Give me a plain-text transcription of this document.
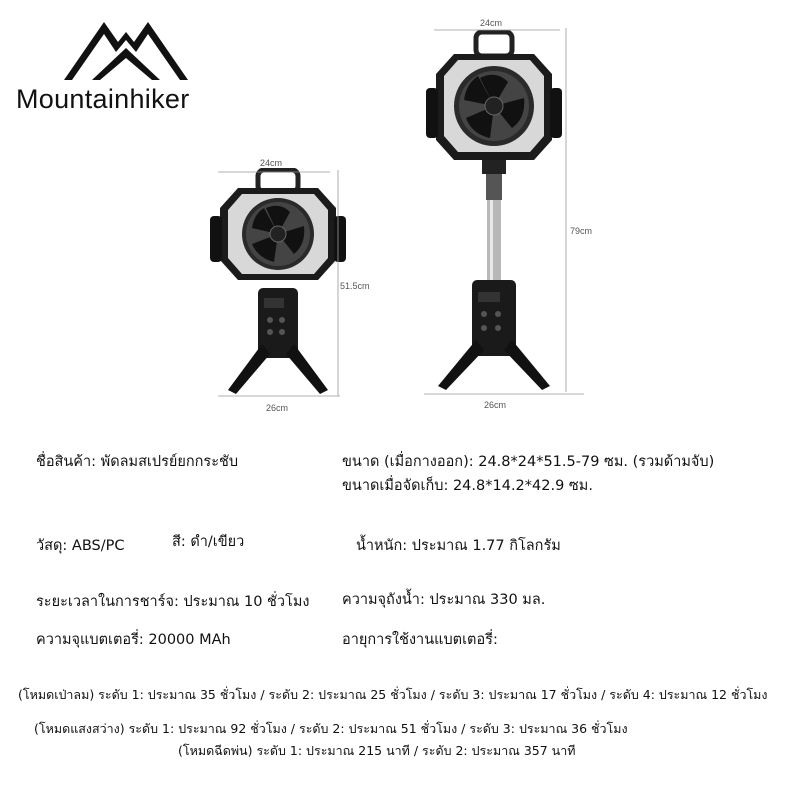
Mountainhiker
24cm
51.5cm
26cm
24cm
79cm
26cm
ชื่อสินค้า: พัดลมสเปรย์ยกกระชับ	ขนาด (เมื่อกางออก): 24.8*24*51.5-79 ซม. (รวมด้ามจับ)
ขนาดเมื่อจัดเก็บ: 24.8*14.2*42.9 ซม.
วัสดุ: ABS/PC	สี: ดำ/เขียว	น้ำหนัก: ประมาณ 1.77 กิโลกรัม
ระยะเวลาในการชาร์จ: ประมาณ 10 ชั่วโมง ความจุถังน้ำ: ประมาณ 330 มล.
ความจุแบตเตอรี่: 20000 MAh	อายุการใช้งานแบตเตอรี่:
(โหมดเป่าลม) ระดับ 1: ประมาณ 35 ชั่วโมง / ระดับ 2: ประมาณ 25 ชั่วโมง / ระดับ 3: ประมาณ 17 ชั่วโมง / ระดับ 4: ประมาณ 12 ชั่วโมง
(โหมดแสงสว่าง) ระดับ 1: ประมาณ 92 ชั่วโมง / ระดับ 2: ประมาณ 51 ชั่วโมง / ระดับ 3: ประมาณ 36 ชั่วโมง
(โหมดฉีดพ่น) ระดับ 1: ประมาณ 215 นาที / ระดับ 2: ประมาณ 357 นาที
